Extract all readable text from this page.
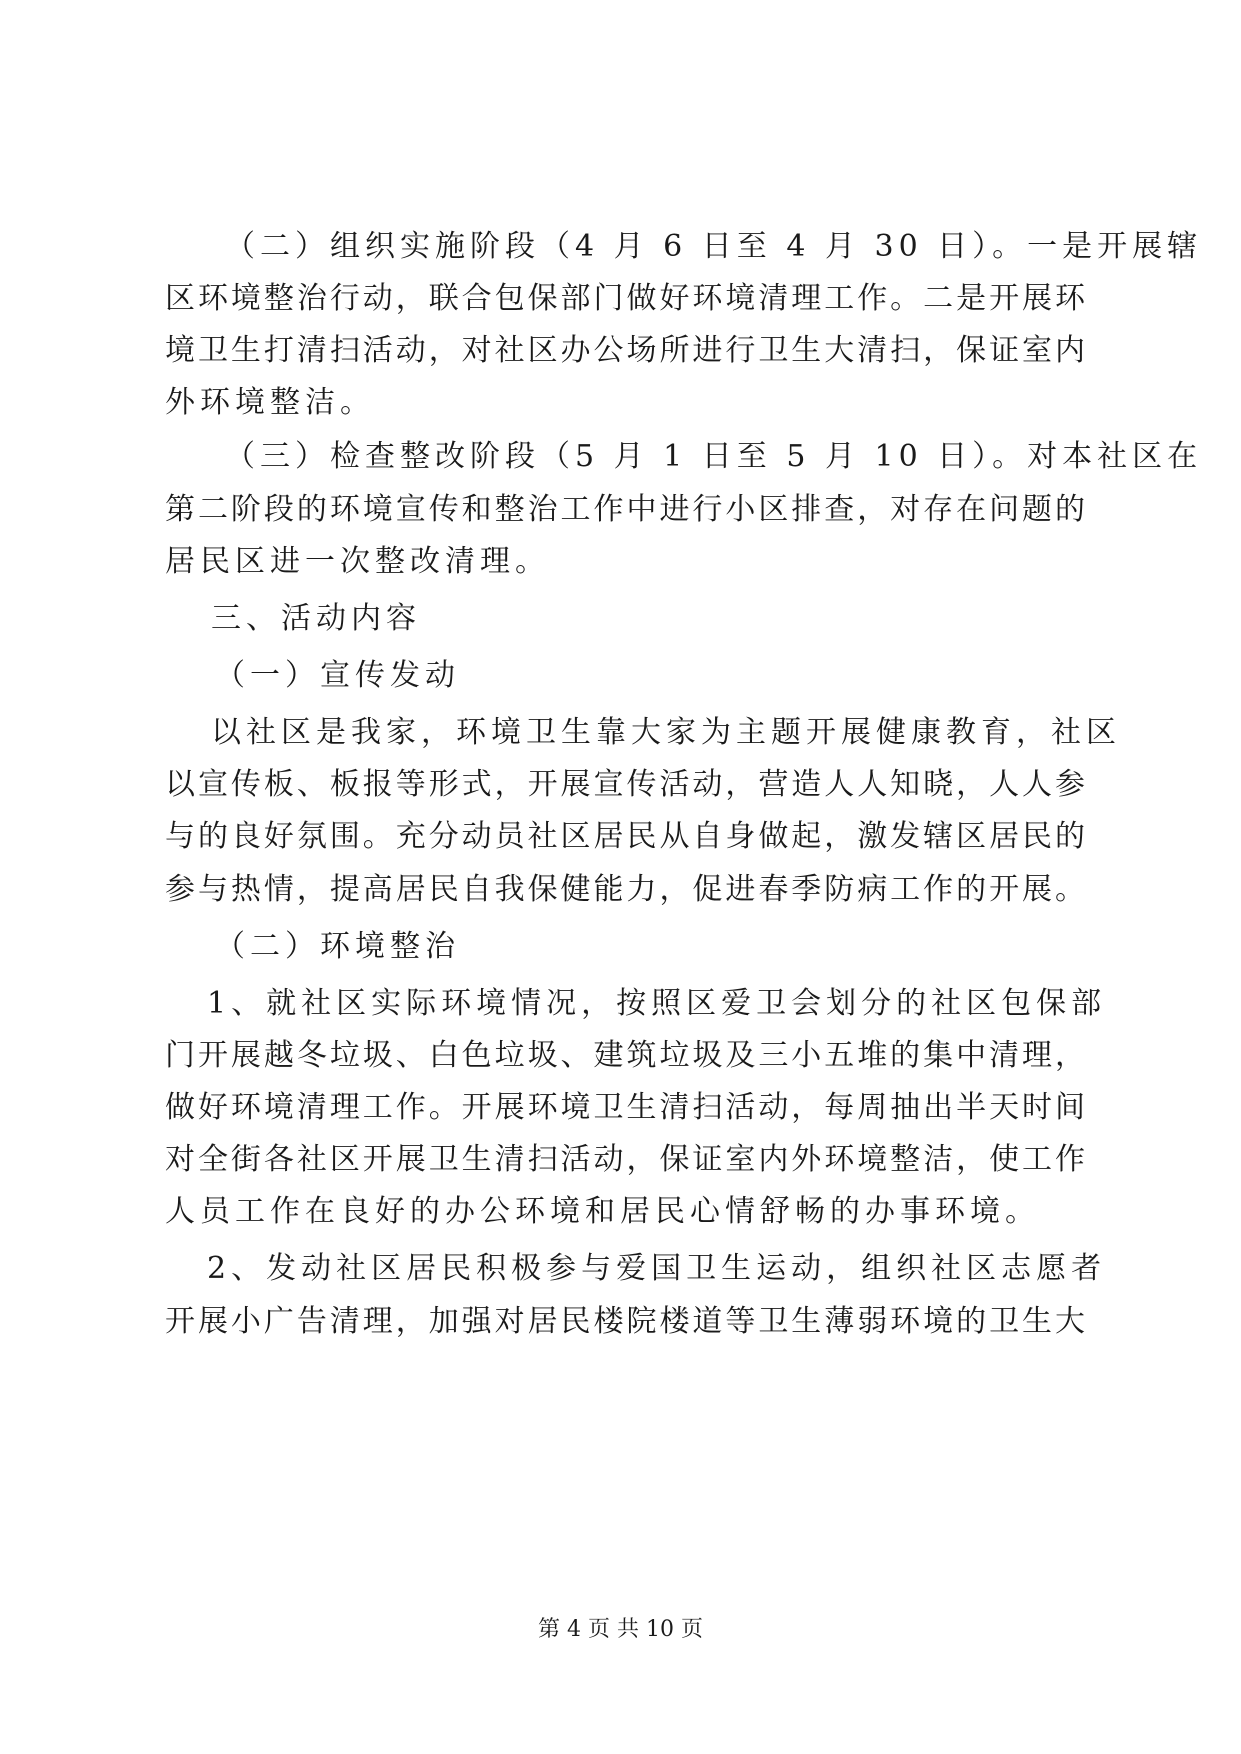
（二）组织实施阶段（4 月 6 日至 4 月 30 日）。一是开展辖
区环境整治行动，联合包保部门做好环境清理工作。二是开展环
境卫生打清扫活动，对社区办公场所进行卫生大清扫，保证室内
外环境整洁。
（三）检查整改阶段（5 月 1 日至 5 月 10 日）。对本社区在
第二阶段的环境宣传和整治工作中进行小区排查，对存在问题的
居民区进一次整改清理。
三、活动内容
（一）宣传发动
以社区是我家，环境卫生靠大家为主题开展健康教育，社区
以宣传板、板报等形式，开展宣传活动，营造人人知晓，人人参
与的良好氛围。充分动员社区居民从自身做起，激发辖区居民的
参与热情，提高居民自我保健能力，促进春季防病工作的开展。
（二）环境整治
1、就社区实际环境情况，按照区爱卫会划分的社区包保部
门开展越冬垃圾、白色垃圾、建筑垃圾及三小五堆的集中清理，
做好环境清理工作。开展环境卫生清扫活动，每周抽出半天时间
对全街各社区开展卫生清扫活动，保证室内外环境整洁，使工作
人员工作在良好的办公环境和居民心情舒畅的办事环境。
2、发动社区居民积极参与爱国卫生运动，组织社区志愿者
开展小广告清理，加强对居民楼院楼道等卫生薄弱环境的卫生大
第 4 页 共 10 页
